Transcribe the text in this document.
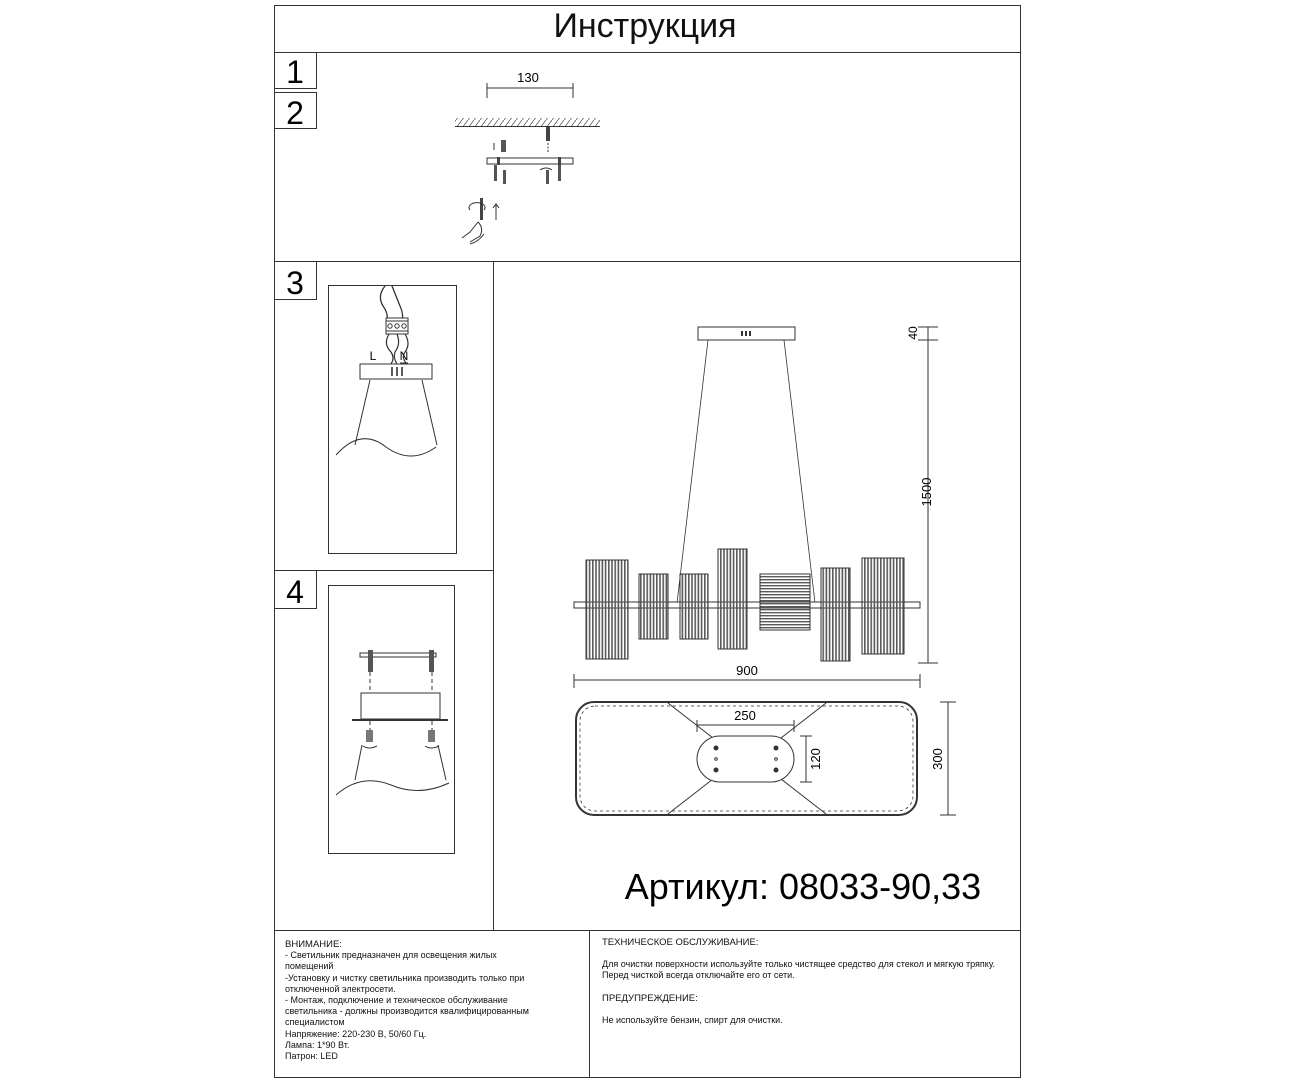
Инструкция
1
2
3
4
130
L N
40
1500
900
250
120	300
Артикул: 08033-90,33
ВНИМАНИЕ:
- Светильник предназначен для освещения жилых
помещений
-Установку и чистку светильника производить только при
отключенной электросети.
- Монтаж, подключение и техническое обслуживание
светильника - должны производится квалифицированным
специалистом
Напряжение: 220-230 В, 50/60 Гц.
Лампа: 1*90 Вт.
Патрон: LED
ТЕХНИЧЕСКОЕ ОБСЛУЖИВАНИЕ:
Для очистки поверхности используйте только чистящее средство для стекол и мягкую тряпку.
Перед чисткой всегда отключайте его от сети.
ПРЕДУПРЕЖДЕНИЕ:
Не используйте бензин, спирт для очистки.
